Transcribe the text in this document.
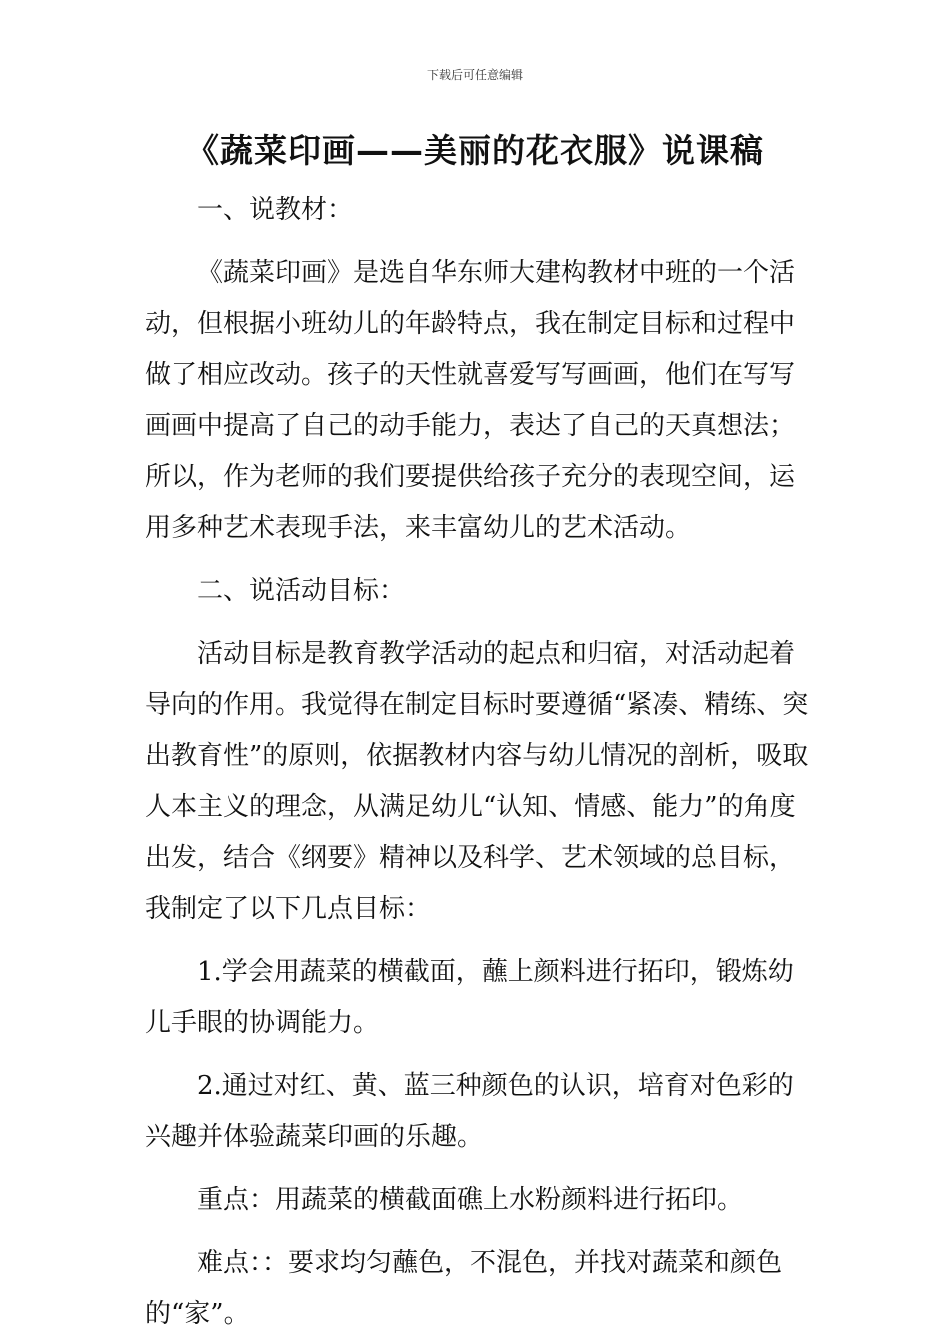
下载后可任意编辑
《蔬菜印画——美丽的花衣服》说课稿

一、说教材：

《蔬菜印画》是选自华东师大建构教材中班的一个活动，但根据小班幼儿的年龄特点，我在制定目标和过程中做了相应改动。孩子的天性就喜爱写写画画，他们在写写画画中提高了自己的动手能力，表达了自己的天真想法；所以，作为老师的我们要提供给孩子充分的表现空间，运用多种艺术表现手法，来丰富幼儿的艺术活动。

二、说活动目标：

活动目标是教育教学活动的起点和归宿，对活动起着导向的作用。我觉得在制定目标时要遵循“紧凑、精练、突出教育性”的原则，依据教材内容与幼儿情况的剖析，吸取人本主义的理念，从满足幼儿“认知、情感、能力”的角度出发，结合《纲要》精神以及科学、艺术领域的总目标，我制定了以下几点目标：

1.学会用蔬菜的横截面，蘸上颜料进行拓印，锻炼幼儿手眼的协调能力。

2.通过对红、黄、蓝三种颜色的认识，培育对色彩的兴趣并体验蔬菜印画的乐趣。

重点：用蔬菜的横截面礁上水粉颜料进行拓印。

难点：：要求均匀蘸色，不混色，并找对蔬菜和颜色的“家”。
